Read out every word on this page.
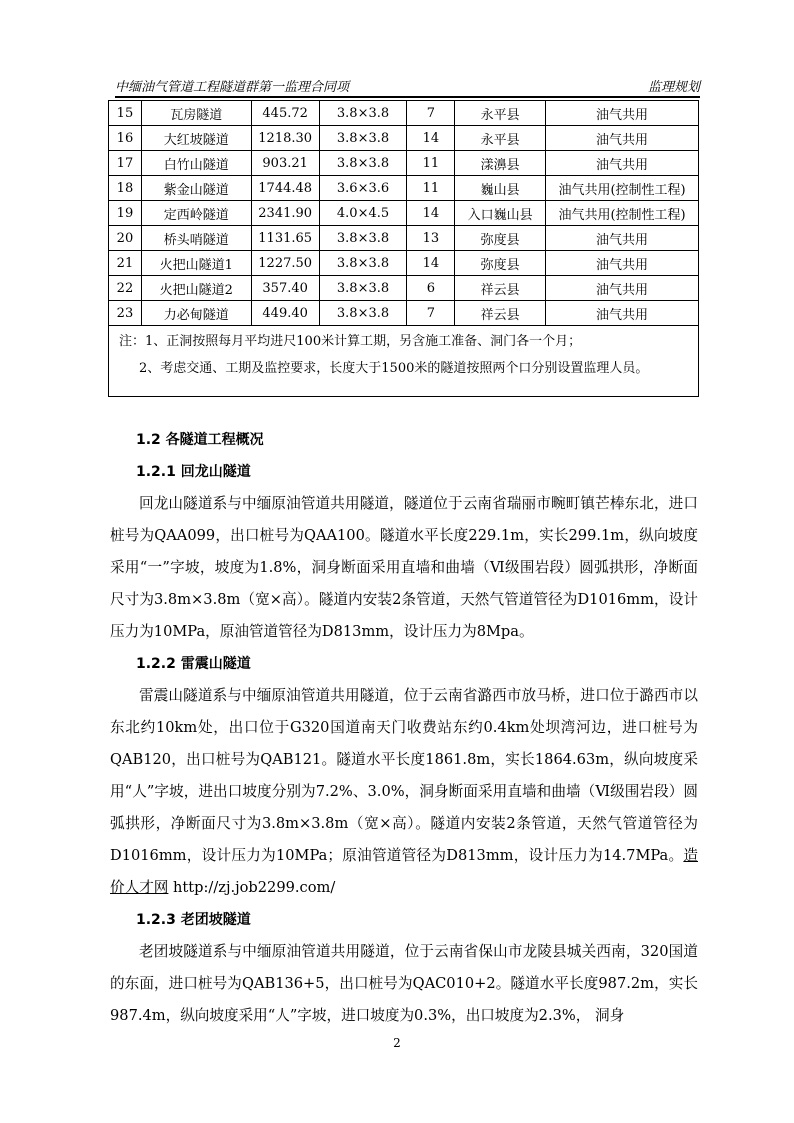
中缅油气管道工程隧道群第一监理合同项	监理规划
15	瓦房隧道	445.72	3.8×3.8	7	永平县	油气共用
16	大红坡隧道	1218.30	3.8×3.8	14	永平县	油气共用
17	白竹山隧道	903.21	3.8×3.8	11	漾濞县	油气共用
18	紫金山隧道	1744.48	3.6×3.6	11	巍山县	油气共用(控制性工程)
19	定西岭隧道	2341.90	4.0×4.5	14	入口巍山县	油气共用(控制性工程)
20	桥头哨隧道	1131.65	3.8×3.8	13	弥度县	油气共用
21	火把山隧道1	1227.50	3.8×3.8	14	弥度县	油气共用
22	火把山隧道2	357.40	3.8×3.8	6	祥云县	油气共用
23	力必甸隧道	449.40	3.8×3.8	7	祥云县	油气共用

注：1、正洞按照每月平均进尺100米计算工期，另含施工准备、洞门各一个月；
2、考虑交通、工期及监控要求，长度大于1500米的隧道按照两个口分别设置监理人员。						
1.2 各隧道工程概况
1.2.1 回龙山隧道

回龙山隧道系与中缅原油管道共用隧道，隧道位于云南省瑞丽市畹町镇芒棒东北，进口桩号为QAA099，出口桩号为QAA100。隧道水平长度229.1m，实长299.1m，纵向坡度采用“一”字坡，坡度为1.8%，洞身断面采用直墙和曲墙（Ⅵ级围岩段）圆弧拱形，净断面尺寸为3.8m×3.8m（宽×高）。隧道内安装2条管道，天然气管道管径为D1016mm，设计压力为10MPa，原油管道管径为D813mm，设计压力为8Mpa。

1.2.2 雷震山隧道

雷震山隧道系与中缅原油管道共用隧道，位于云南省潞西市放马桥，进口位于潞西市以东北约10km处，出口位于G320国道南天门收费站东约0.4km处坝湾河边，进口桩号为QAB120，出口桩号为QAB121。隧道水平长度1861.8m，实长1864.63m，纵向坡度采用“人”字坡，进出口坡度分别为7.2%、3.0%，洞身断面采用直墙和曲墙（Ⅵ级围岩段）圆弧拱形，净断面尺寸为3.8m×3.8m（宽×高）。隧道内安装2条管道，天然气管道管径为D1016mm，设计压力为10MPa；原油管道管径为D813mm，设计压力为14.7MPa。造价人才网 http://zj.job2299.com/

1.2.3 老团坡隧道

老团坡隧道系与中缅原油管道共用隧道，位于云南省保山市龙陵县城关西南，320国道的东面，进口桩号为QAB136+5，出口桩号为QAC010+2。隧道水平长度987.2m，实长987.4m，纵向坡度采用“人”字坡，进口坡度为0.3%，出口坡度为2.3%， 洞身

2
